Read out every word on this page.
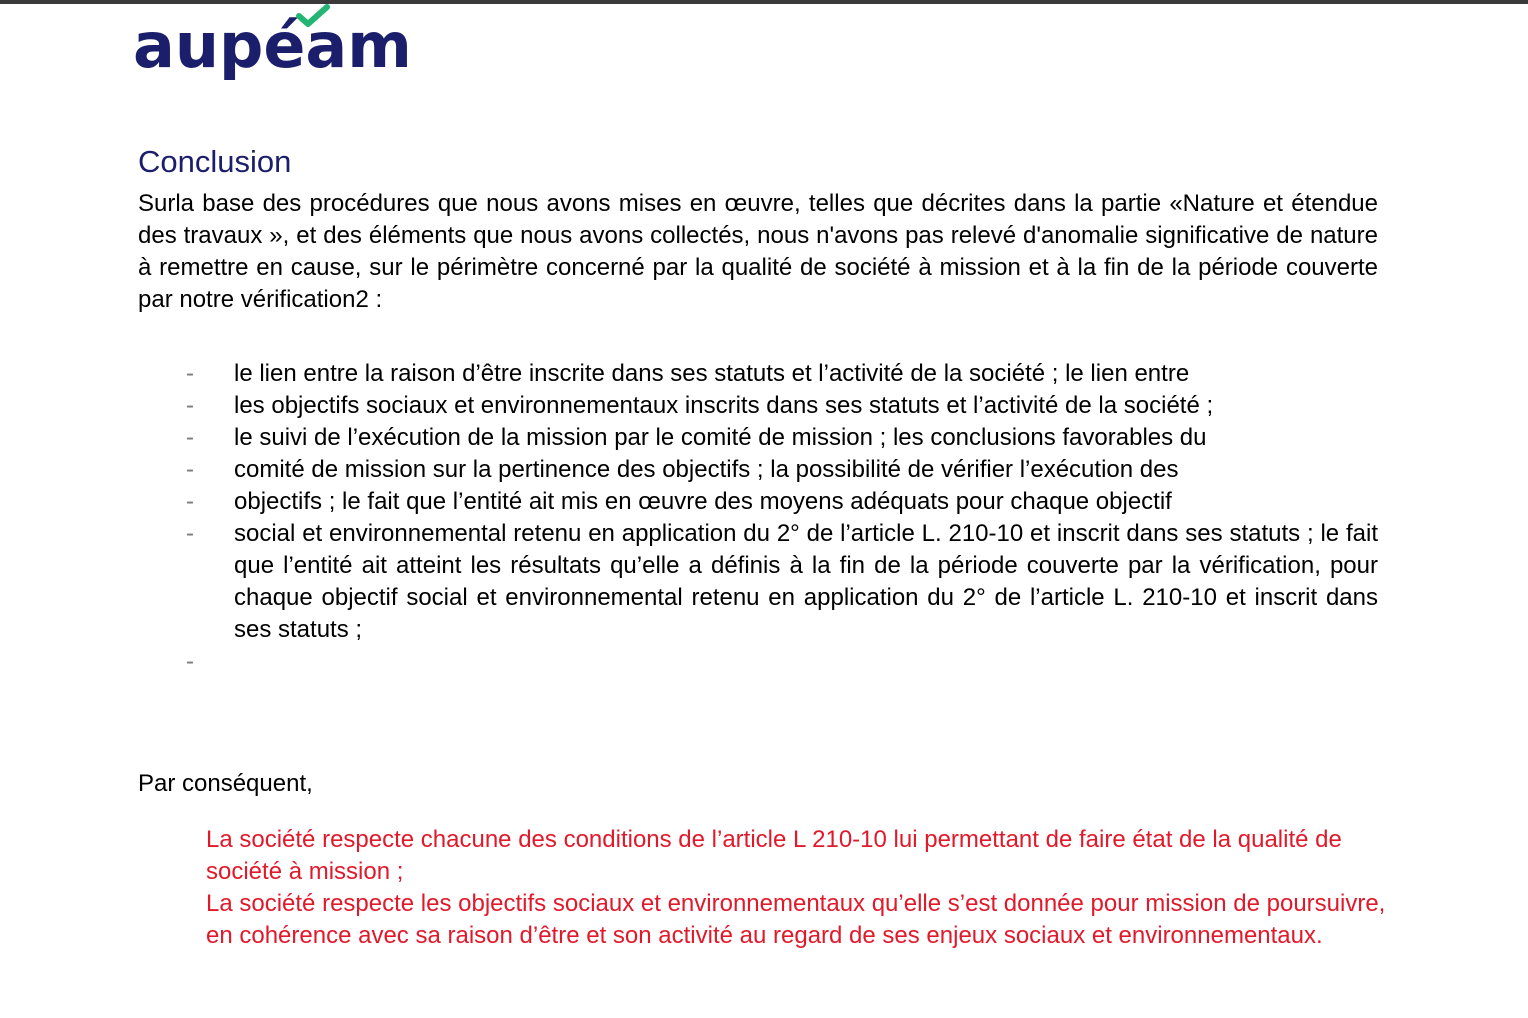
aupéam
Conclusion

Surla base des procédures que nous avons mises en œuvre, telles que décrites dans la partie «Nature et étendue des travaux », et des éléments que nous avons collectés, nous n'avons pas relevé d'anomalie significative de nature à remettre en cause, sur le périmètre concerné par la qualité de société à mission et à la fin de la période couverte par notre vérification2 :

- le lien entre la raison d’être inscrite dans ses statuts et l’activité de la société ; le lien entre
- les objectifs sociaux et environnementaux inscrits dans ses statuts et l’activité de la société ;
- le suivi de l’exécution de la mission par le comité de mission ; les conclusions favorables du
- comité de mission sur la pertinence des objectifs ; la possibilité de vérifier l’exécution des
- objectifs ; le fait que l’entité ait mis en œuvre des moyens adéquats pour chaque objectif
- social et environnemental retenu en application du 2° de l’article L. 210-10 et inscrit dans ses statuts ; le fait que l’entité ait atteint les résultats qu’elle a définis à la fin de la période couverte par la vérification, pour chaque objectif social et environnemental retenu en application du 2° de l’article L. 210-10 et inscrit dans ses statuts ;
-

Par conséquent,

La société respecte chacune des conditions de l’article L 210-10 lui permettant de faire état de la qualité de société à mission ;

La société respecte les objectifs sociaux et environnementaux qu’elle s’est donnée pour mission de poursuivre, en cohérence avec sa raison d’être et son activité au regard de ses enjeux sociaux et environnementaux.
